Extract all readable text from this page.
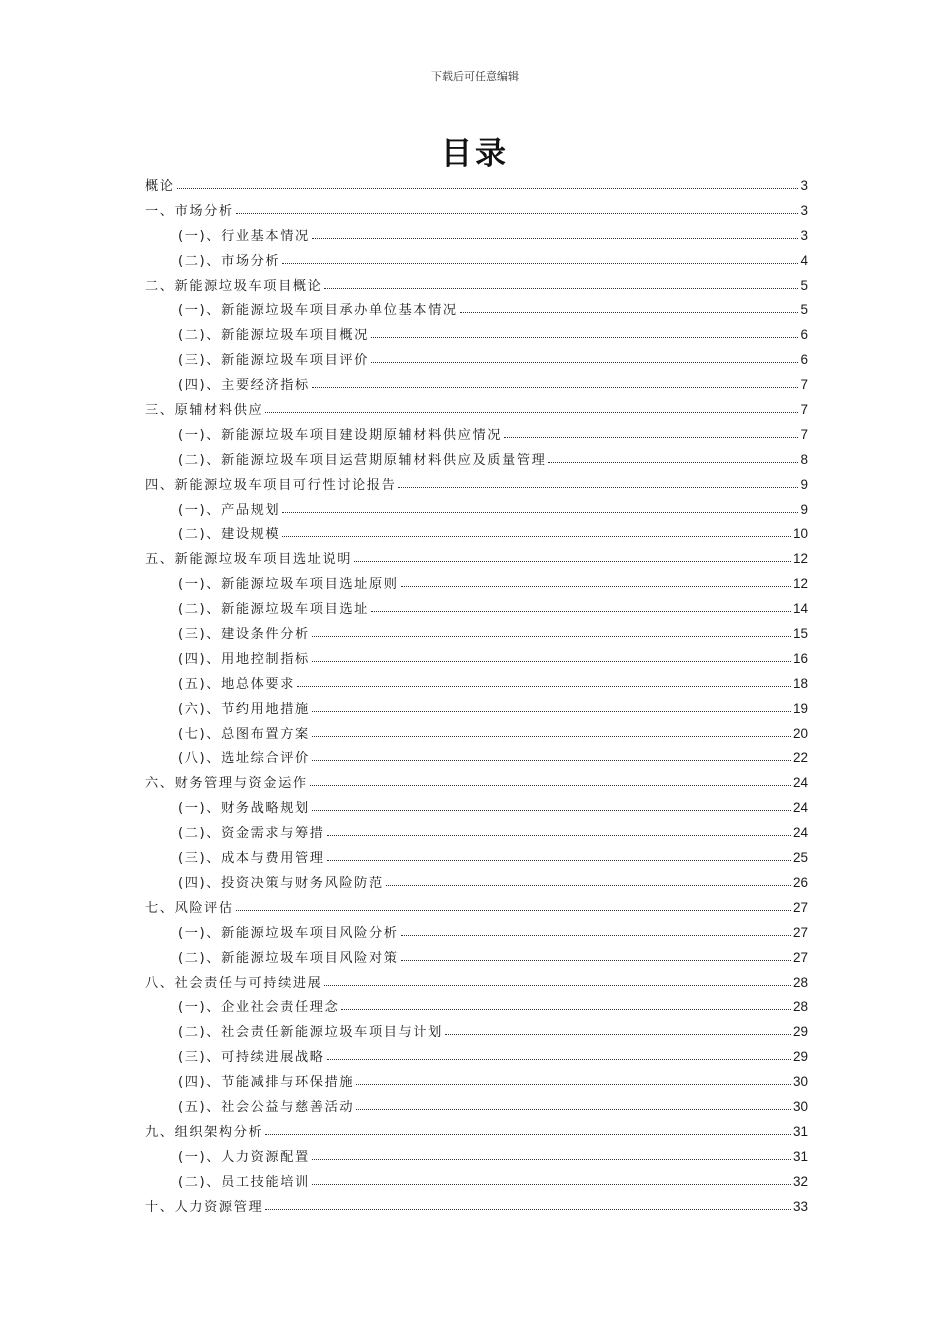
下载后可任意编辑
目录
概论	3
一、市场分析	3
(一)、行业基本情况	3
(二)、市场分析	4
二、新能源垃圾车项目概论	5
(一)、新能源垃圾车项目承办单位基本情况	5
(二)、新能源垃圾车项目概况	6
(三)、新能源垃圾车项目评价	6
(四)、主要经济指标	7
三、原辅材料供应	7
(一)、新能源垃圾车项目建设期原辅材料供应情况	7
(二)、新能源垃圾车项目运营期原辅材料供应及质量管理	8
四、新能源垃圾车项目可行性讨论报告	9
(一)、产品规划	9
(二)、建设规模	10
五、新能源垃圾车项目选址说明	12
(一)、新能源垃圾车项目选址原则	12
(二)、新能源垃圾车项目选址	14
(三)、建设条件分析	15
(四)、用地控制指标	16
(五)、地总体要求	18
(六)、节约用地措施	19
(七)、总图布置方案	20
(八)、选址综合评价	22
六、财务管理与资金运作	24
(一)、财务战略规划	24
(二)、资金需求与筹措	24
(三)、成本与费用管理	25
(四)、投资决策与财务风险防范	26
七、风险评估	27
(一)、新能源垃圾车项目风险分析	27
(二)、新能源垃圾车项目风险对策	27
八、社会责任与可持续进展	28
(一)、企业社会责任理念	28
(二)、社会责任新能源垃圾车项目与计划	29
(三)、可持续进展战略	29
(四)、节能减排与环保措施	30
(五)、社会公益与慈善活动	30
九、组织架构分析	31
(一)、人力资源配置	31
(二)、员工技能培训	32
十、人力资源管理	33
